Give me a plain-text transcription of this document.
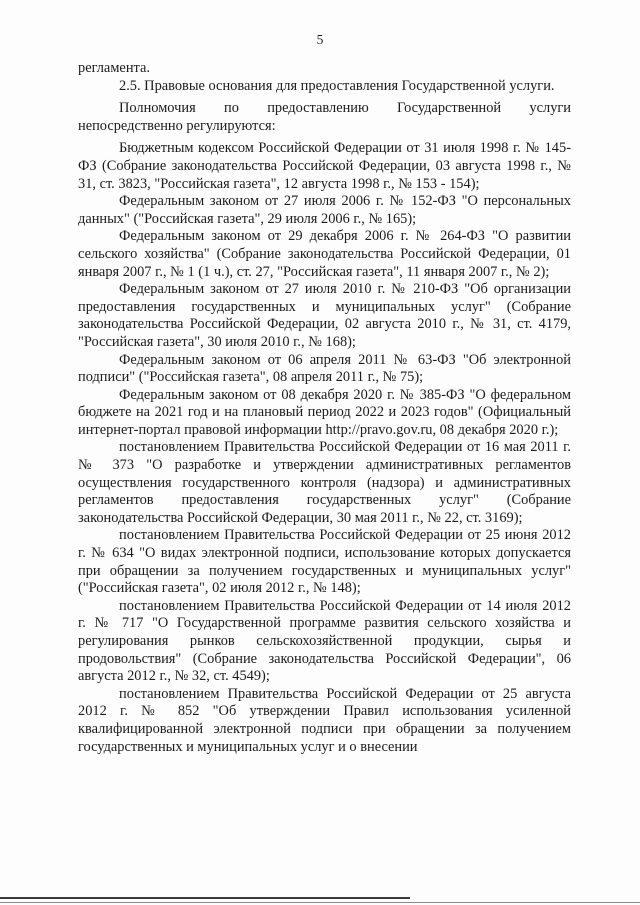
5

регламента.

2.5. Правовые основания для предоставления Государственной услуги.

Полномочия по предоставлению Государственной услуги непосредственно регулируются:

Бюджетным кодексом Российской Федерации от 31 июля 1998 г. № 145-ФЗ (Собрание законодательства Российской Федерации, 03 августа 1998 г., № 31, ст. 3823, "Российская газета", 12 августа 1998 г., № 153 - 154);

Федеральным законом от 27 июля 2006 г. № 152-ФЗ "О персональных данных" ("Российская газета", 29 июля 2006 г., № 165);

Федеральным законом от 29 декабря 2006 г. № 264-ФЗ "О развитии сельского хозяйства" (Собрание законодательства Российской Федерации, 01 января 2007 г., № 1 (1 ч.), ст. 27, "Российская газета", 11 января 2007 г., № 2);

Федеральным законом от 27 июля 2010 г. № 210-ФЗ "Об организации предоставления государственных и муниципальных услуг" (Собрание законодательства Российской Федерации, 02 августа 2010 г., № 31, ст. 4179, "Российская газета", 30 июля 2010 г., № 168);

Федеральным законом от 06 апреля 2011 № 63-ФЗ "Об электронной подписи" ("Российская газета", 08 апреля 2011 г., № 75);

Федеральным законом от 08 декабря 2020 г. № 385-ФЗ "О федеральном бюджете на 2021 год и на плановый период 2022 и 2023 годов" (Официальный интернет-портал правовой информации http://pravo.gov.ru, 08 декабря 2020 г.);

постановлением Правительства Российской Федерации от 16 мая 2011 г. № 373 "О разработке и утверждении административных регламентов осуществления государственного контроля (надзора) и административных регламентов предоставления государственных услуг" (Собрание законодательства Российской Федерации, 30 мая 2011 г., № 22, ст. 3169);

постановлением Правительства Российской Федерации от 25 июня 2012 г. № 634 "О видах электронной подписи, использование которых допускается при обращении за получением государственных и муниципальных услуг" ("Российская газета", 02 июля 2012 г., № 148);

постановлением Правительства Российской Федерации от 14 июля 2012 г. № 717 "О Государственной программе развития сельского хозяйства и регулирования рынков сельскохозяйственной продукции, сырья и продовольствия" (Собрание законодательства Российской Федерации", 06 августа 2012 г., № 32, ст. 4549);

постановлением Правительства Российской Федерации от 25 августа 2012 г. № 852 "Об утверждении Правил использования усиленной квалифицированной электронной подписи при обращении за получением государственных и муниципальных услуг и о внесении
